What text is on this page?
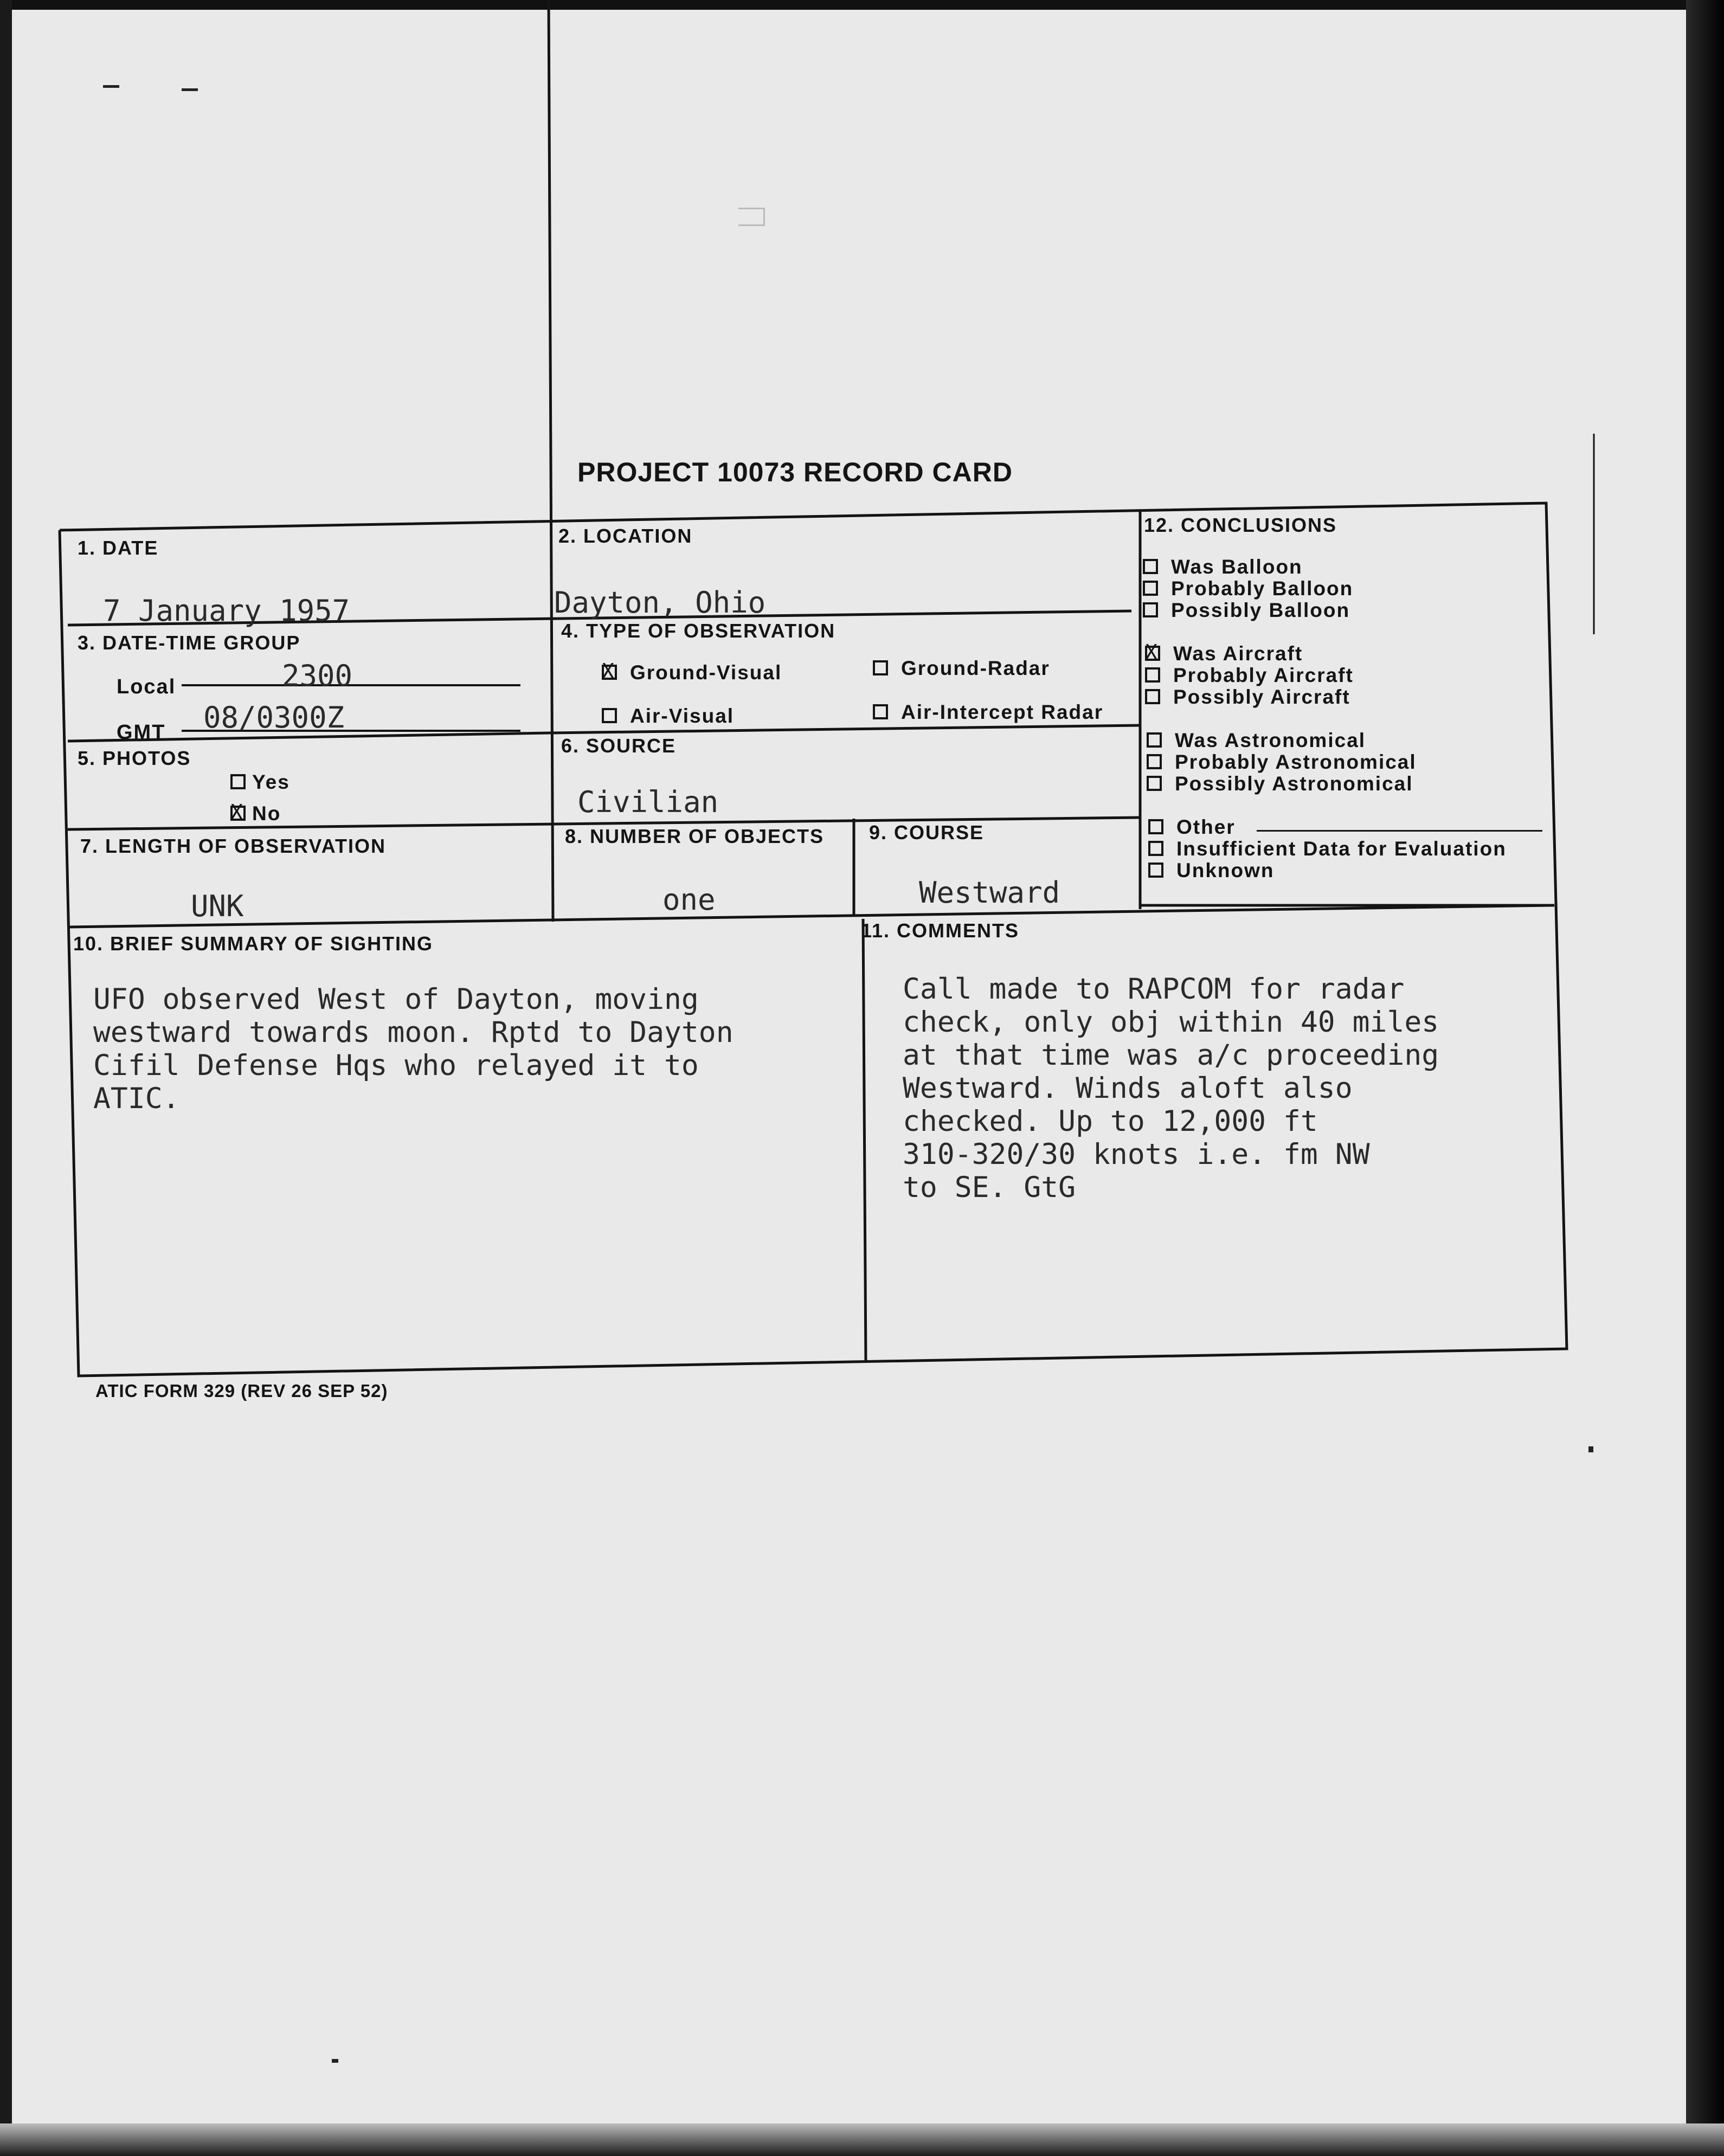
PROJECT 10073 RECORD CARD
1. DATE
7 January 1957
2. LOCATION
Dayton, Ohio
3. DATE-TIME GROUP
Local	2300
GMT 08/0300Z
4. TYPE OF OBSERVATION
XGround-Visual	Ground-Radar
Air-Visual	Air-Intercept Radar
5. PHOTOS
Yes
XNo
6. SOURCE
Civilian
7. LENGTH OF OBSERVATION
UNK
8. NUMBER OF OBJECTS
one
9. COURSE
Westward
10. BRIEF SUMMARY OF SIGHTING

UFO observed West of Dayton, moving
westward towards moon. Rptd to Dayton
Cifil Defense Hqs who relayed it to
ATIC.

11. COMMENTS

Call made to RAPCOM for radar
check, only obj within 40 miles
at that time was a/c proceeding
Westward. Winds aloft also
checked. Up to 12,000 ft
310-320/30 knots i.e. fm NW
to SE. GtG

12. CONCLUSIONS
Was Balloon
Probably Balloon
Possibly Balloon
XWas Aircraft
Probably Aircraft
Possibly Aircraft
Was Astronomical
Probably Astronomical
Possibly Astronomical
Other
Insufficient Data for Evaluation
Unknown
ATIC FORM 329 (REV 26 SEP 52)
